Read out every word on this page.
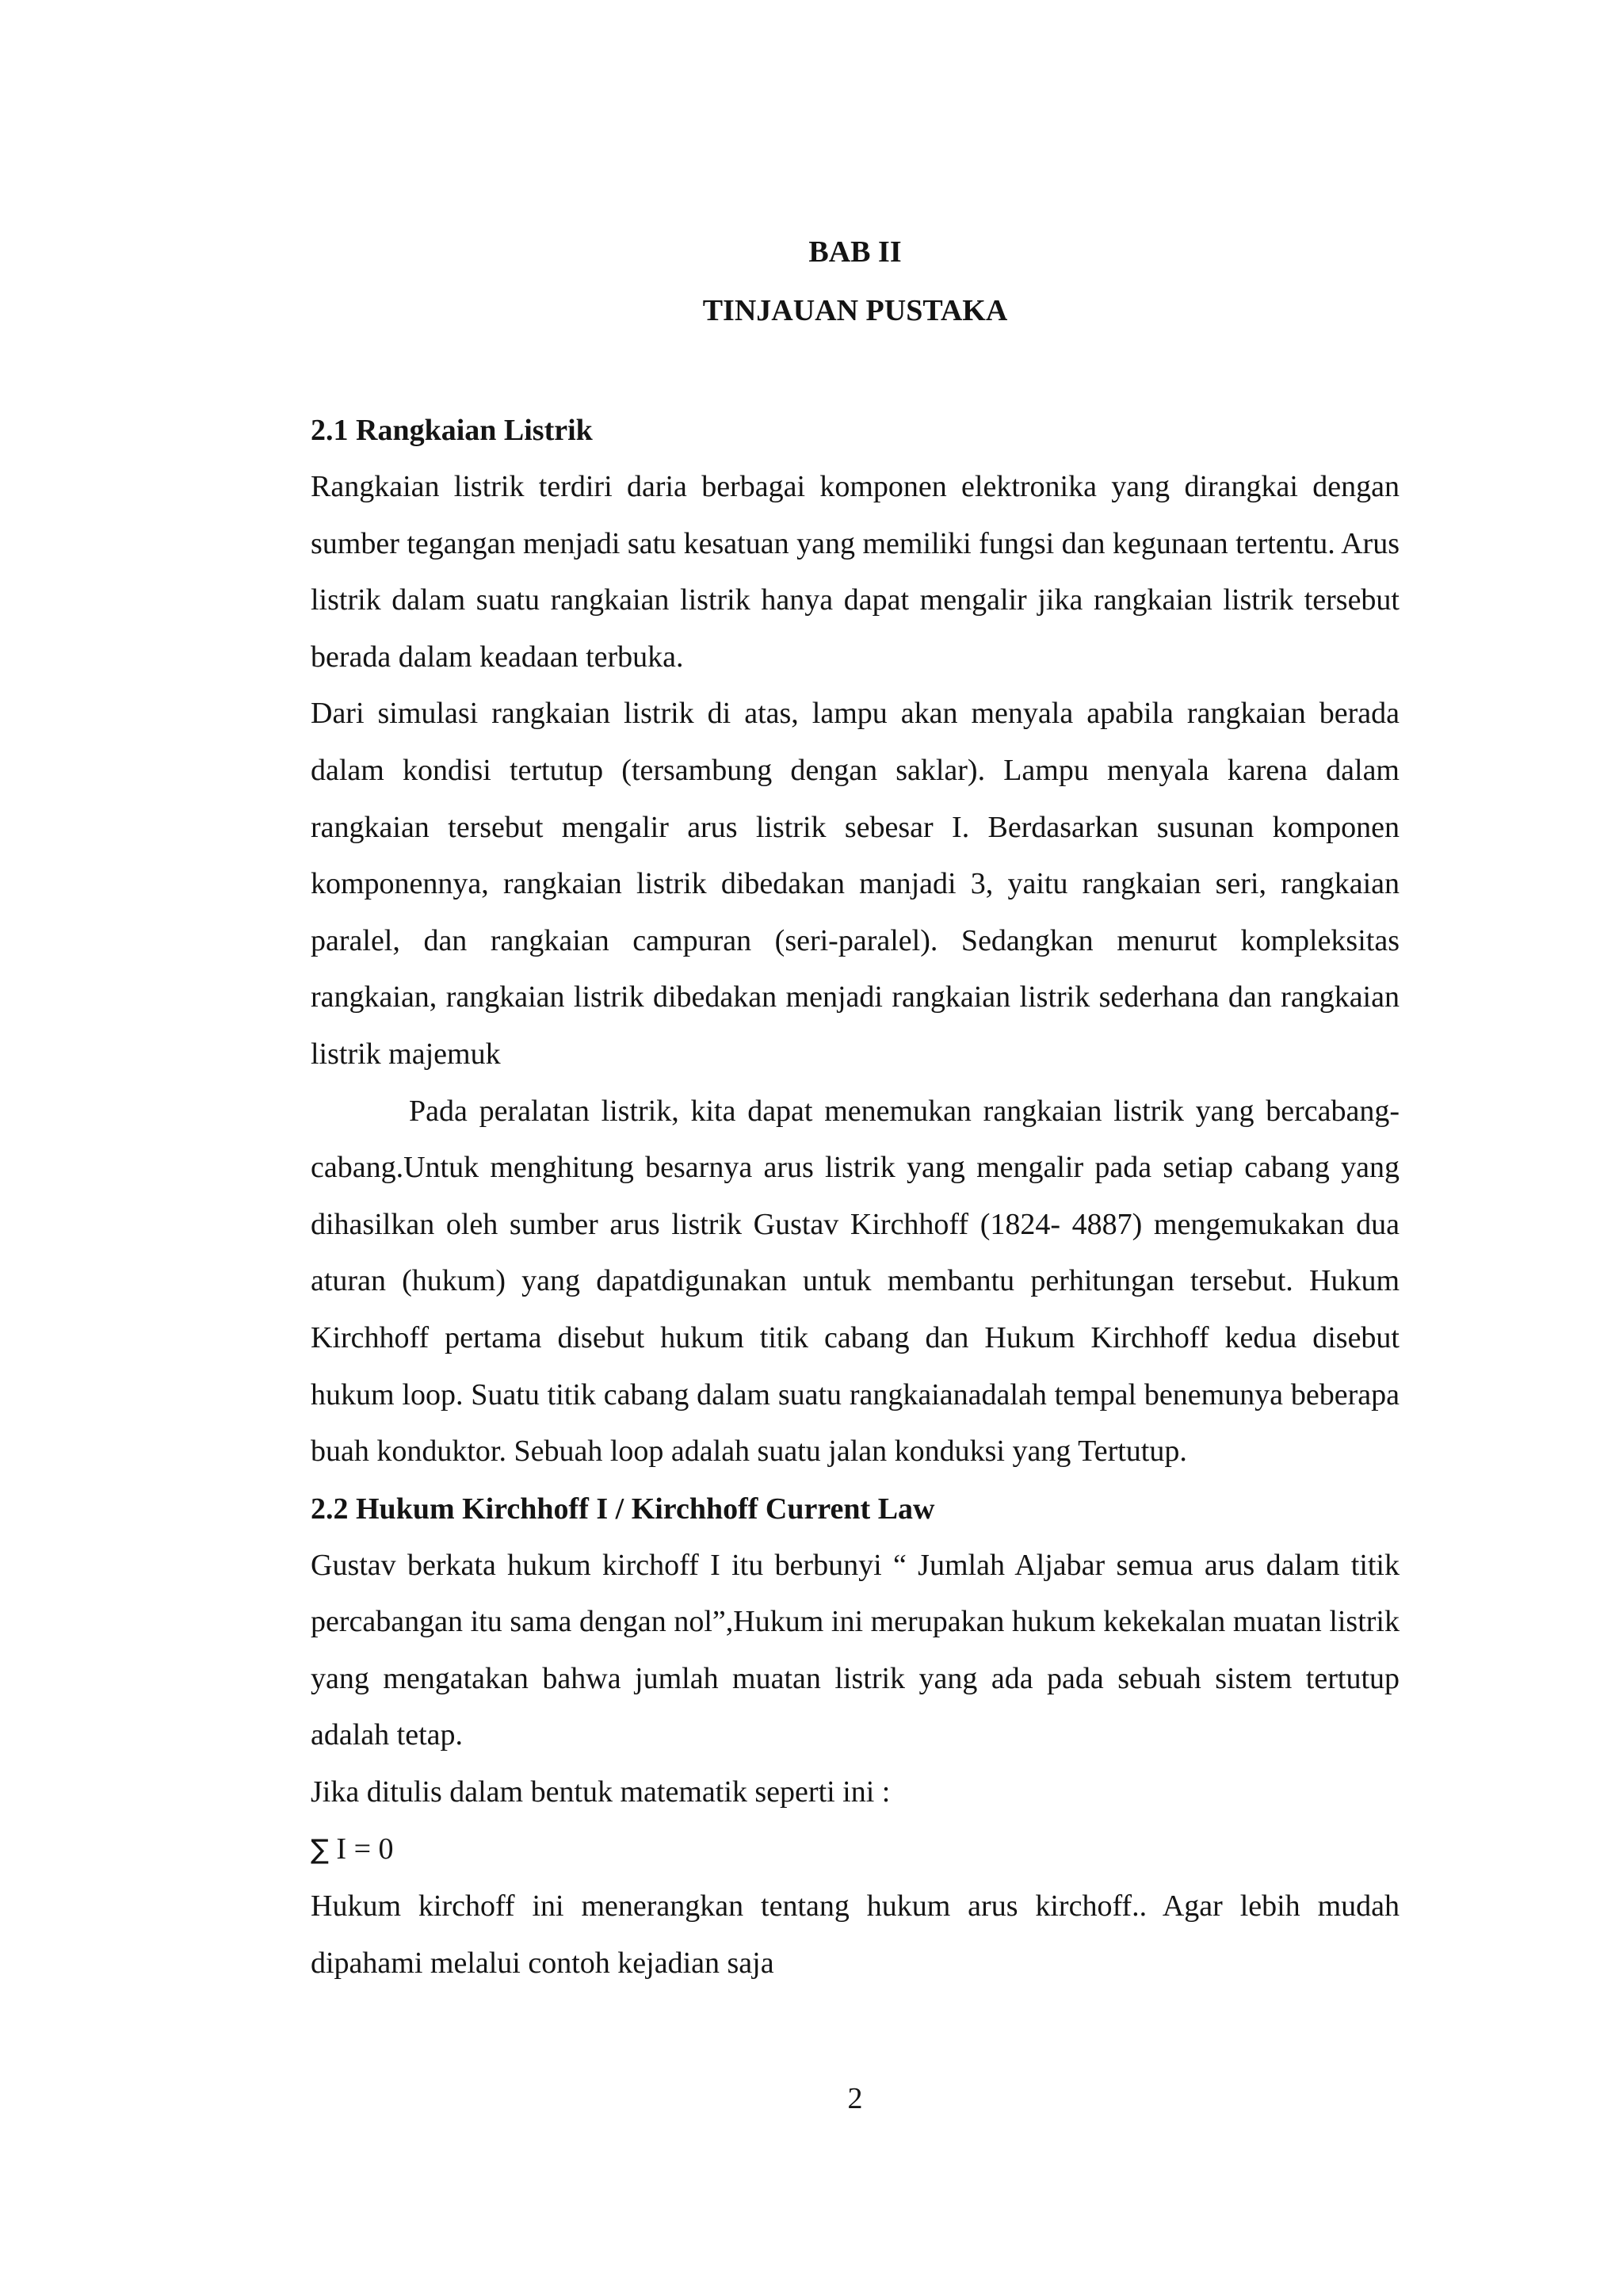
BAB II

TINJAUAN PUSTAKA

2.1 Rangkaian Listrik

Rangkaian listrik terdiri daria berbagai komponen elektronika yang dirangkai dengan sumber tegangan menjadi satu kesatuan yang memiliki fungsi dan kegunaan tertentu. Arus listrik dalam suatu rangkaian listrik hanya dapat mengalir jika rangkaian listrik tersebut berada dalam keadaan terbuka.

Dari simulasi rangkaian listrik di atas, lampu akan menyala apabila rangkaian berada dalam kondisi tertutup (tersambung dengan saklar). Lampu menyala karena dalam rangkaian tersebut mengalir arus listrik sebesar I. Berdasarkan susunan komponen komponennya, rangkaian listrik dibedakan manjadi 3, yaitu rangkaian seri, rangkaian paralel, dan rangkaian campuran (seri-paralel). Sedangkan menurut kompleksitas rangkaian, rangkaian listrik dibedakan menjadi rangkaian listrik sederhana dan rangkaian listrik majemuk

Pada peralatan listrik, kita dapat menemukan rangkaian listrik yang bercabang-cabang.Untuk menghitung besarnya arus listrik yang mengalir pada setiap cabang yang dihasilkan oleh sumber arus listrik Gustav Kirchhoff (1824- 4887) mengemukakan dua aturan (hukum) yang dapatdigunakan untuk membantu perhitungan tersebut. Hukum Kirchhoff pertama disebut hukum titik cabang dan Hukum Kirchhoff kedua disebut hukum loop. Suatu titik cabang dalam suatu rangkaianadalah tempal benemunya beberapa buah konduktor. Sebuah loop adalah suatu jalan konduksi yang Tertutup.

2.2 Hukum Kirchhoff I / Kirchhoff Current Law

Gustav berkata hukum kirchoff I itu berbunyi “ Jumlah Aljabar semua arus dalam titik percabangan itu sama dengan nol”,Hukum ini merupakan hukum kekekalan muatan listrik yang mengatakan bahwa jumlah muatan listrik yang ada pada sebuah sistem tertutup adalah tetap.

Jika ditulis dalam bentuk matematik seperti ini :

∑ I = 0

Hukum kirchoff ini menerangkan tentang hukum arus kirchoff.. Agar lebih mudah dipahami melalui contoh kejadian saja

2
